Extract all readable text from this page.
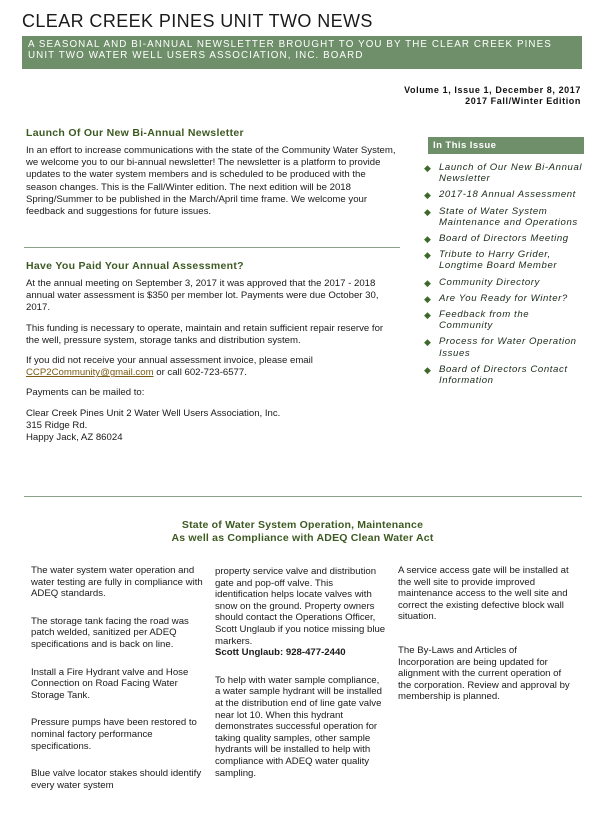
CLEAR CREEK PINES UNIT TWO NEWS
A SEASONAL AND BI-ANNUAL NEWSLETTER BROUGHT TO YOU BY THE CLEAR CREEK PINES UNIT TWO WATER WELL USERS ASSOCIATION, INC. BOARD
Volume 1, Issue 1, December 8, 2017
2017 Fall/Winter Edition
Launch Of Our New Bi-Annual Newsletter

In an effort to increase communications with the state of the Community Water System, we welcome you to our bi-annual newsletter! The newsletter is a platform to provide updates to the water system members and is scheduled to be produced with the season changes. This is the Fall/Winter edition. The next edition will be 2018 Spring/Summer to be published in the March/April time frame. We welcome your feedback and suggestions for future issues.

Have You Paid Your Annual Assessment?

At the annual meeting on September 3, 2017 it was approved that the 2017 - 2018 annual water assessment is $350 per member lot. Payments were due October 30, 2017.

This funding is necessary to operate, maintain and retain sufficient repair reserve for the well, pressure system, storage tanks and distribution system.

If you did not receive your annual assessment invoice, please email CCP2Community@gmail.com or call 602-723-6577.

Payments can be mailed to:

Clear Creek Pines Unit 2 Water Well Users Association, Inc.

315 Ridge Rd.

Happy Jack, AZ 86024

In This Issue
◆ Launch of Our New Bi-Annual Newsletter
◆ 2017-18 Annual Assessment
◆ State of Water System Maintenance and Operations
◆ Board of Directors Meeting
◆ Tribute to Harry Grider, Longtime Board Member
◆ Community Directory
◆ Are You Ready for Winter?
◆ Feedback from the Community
◆ Process for Water Operation Issues
◆ Board of Directors Contact Information
State of Water System Operation, Maintenance
As well as Compliance with ADEQ Clean Water Act

The water system water operation and water testing are fully in compliance with ADEQ standards.

The storage tank facing the road was patch welded, sanitized per ADEQ specifications and is back on line.

Install a Fire Hydrant valve and Hose Connection on Road Facing Water Storage Tank.

Pressure pumps have been restored to nominal factory performance specifications.

Blue valve locator stakes should identify every water system

property service valve and distribution gate and pop-off valve. This identification helps locate valves with snow on the ground. Property owners should contact the Operations Officer, Scott Unglaub if you notice missing blue markers.

Scott Unglaub: 928-477-2440

To help with water sample compliance, a water sample hydrant will be installed at the distribution end of line gate valve near lot 10. When this hydrant demonstrates successful operation for taking quality samples, other sample hydrants will be installed to help with compliance with ADEQ water quality sampling.

A service access gate will be installed at the well site to provide improved maintenance access to the well site and correct the existing defective block wall situation.

The By-Laws and Articles of Incorporation are being updated for alignment with the current operation of the corporation. Review and approval by membership is planned.
